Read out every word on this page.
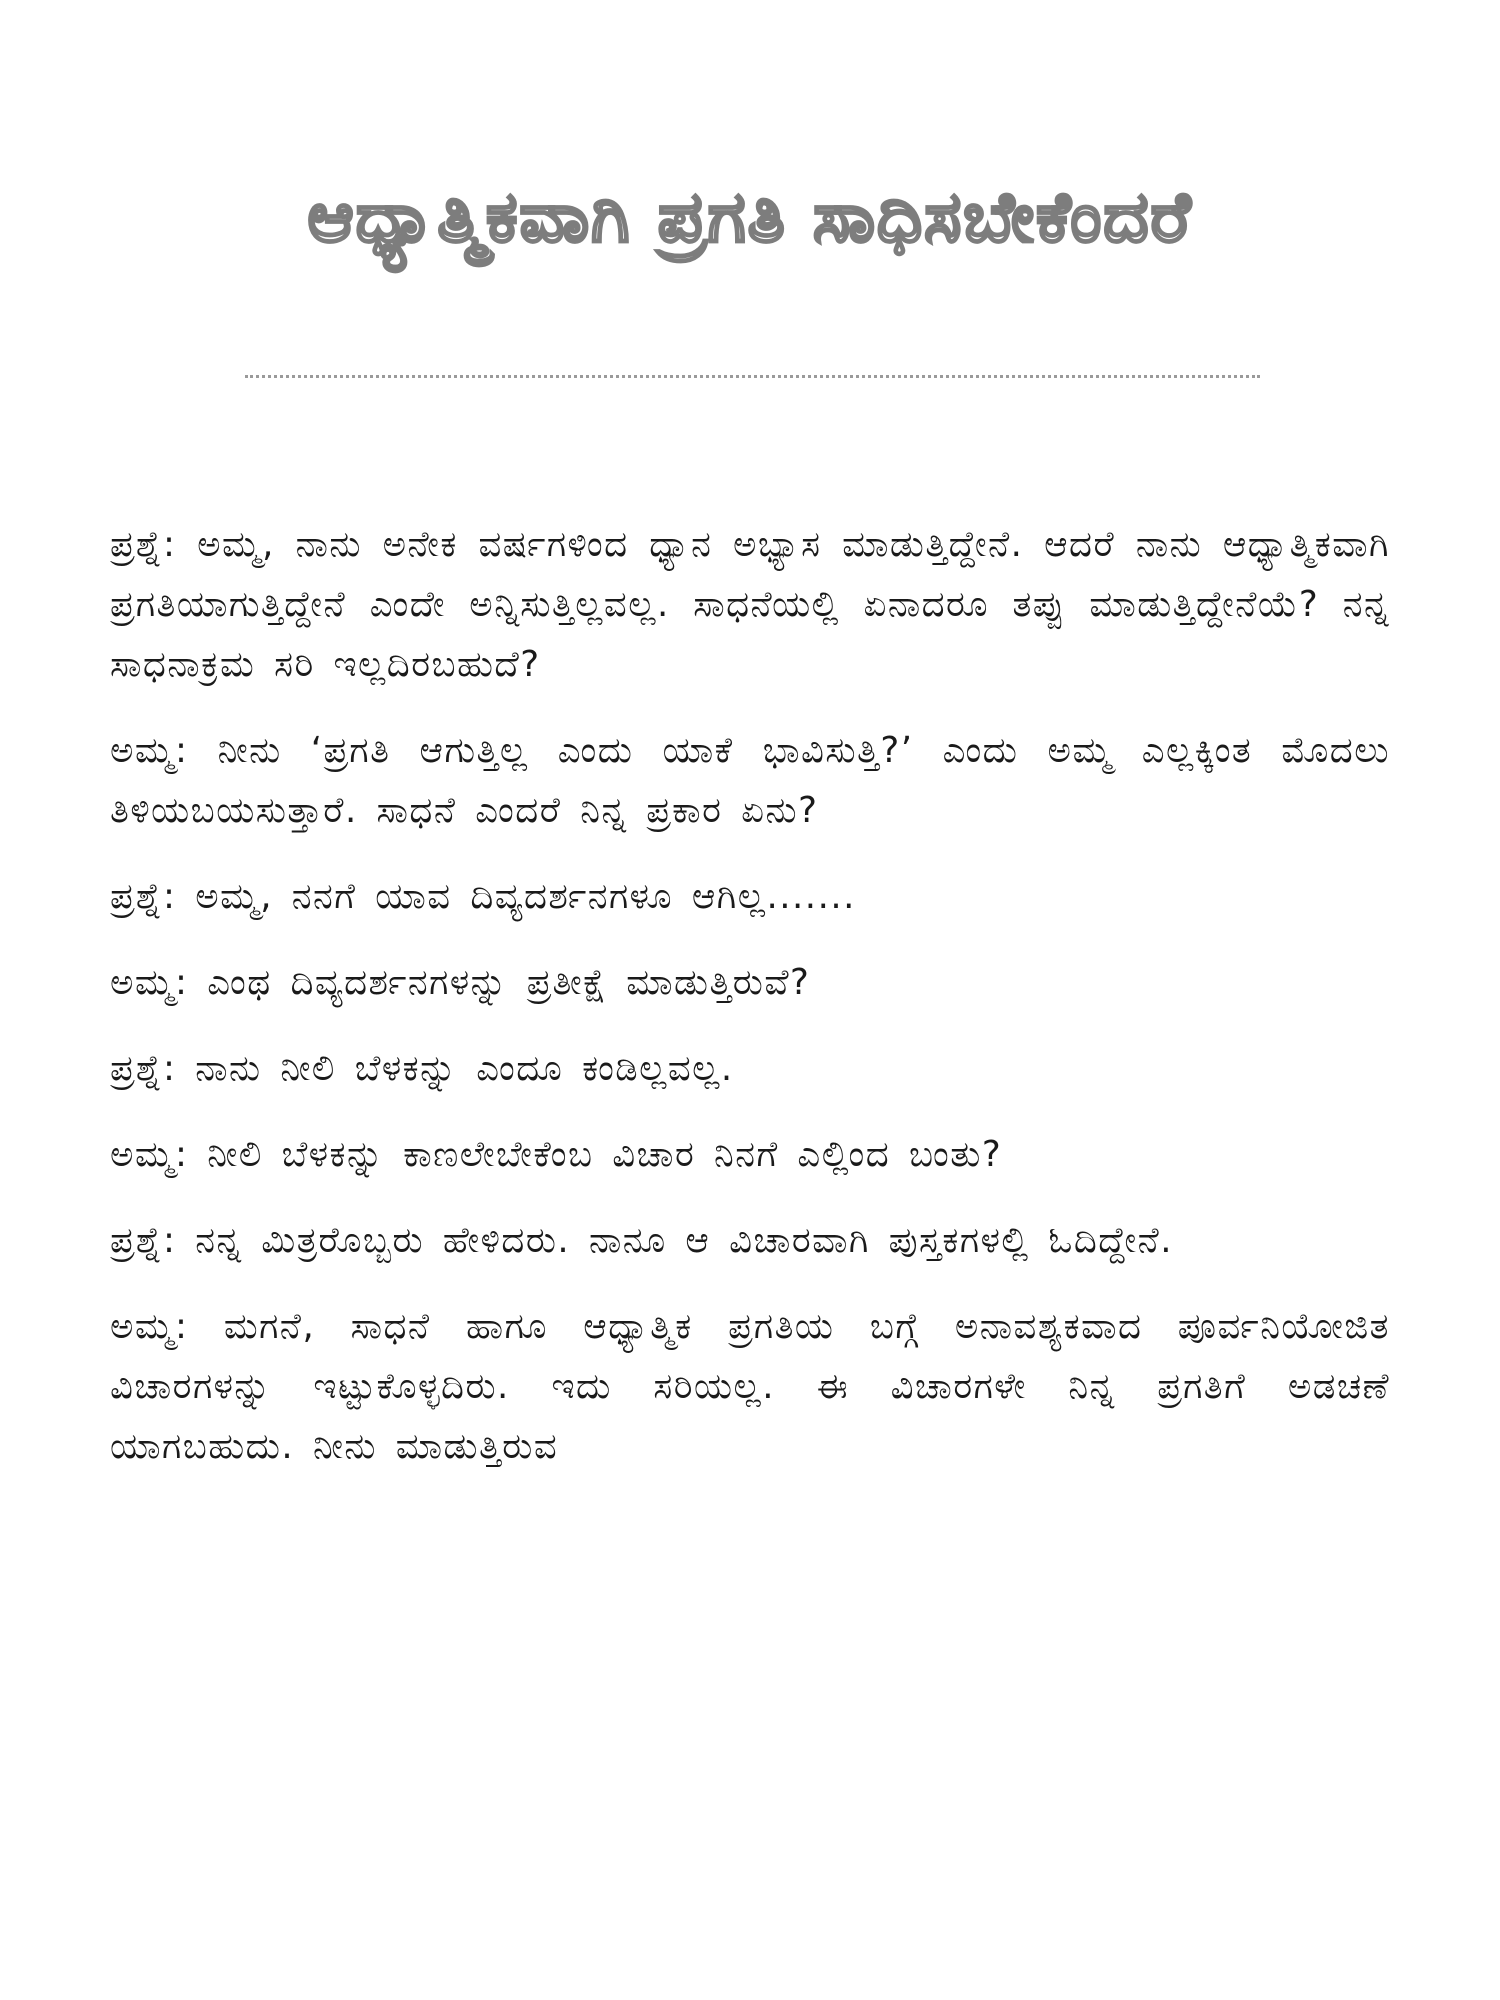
ಆಧ್ಯಾತ್ಮಿಕವಾಗಿ ಪ್ರಗತಿ ಸಾಧಿಸಬೇಕೆಂದರೆ

ಪ್ರಶ್ನೆ: ಅಮ್ಮ, ನಾನು ಅನೇಕ ವರ್ಷಗಳಿಂದ ಧ್ಯಾನ ಅಭ್ಯಾಸ ಮಾಡುತ್ತಿದ್ದೇನೆ. ಆದರೆ ನಾನು ಆಧ್ಯಾತ್ಮಿಕವಾಗಿ ಪ್ರಗತಿಯಾಗುತ್ತಿದ್ದೇನೆ ಎಂದೇ ಅನ್ನಿಸುತ್ತಿಲ್ಲವಲ್ಲ. ಸಾಧನೆಯಲ್ಲಿ ಏನಾದರೂ ತಪ್ಪು ಮಾಡುತ್ತಿದ್ದೇನೆಯೆ? ನನ್ನ ಸಾಧನಾಕ್ರಮ ಸರಿ ಇಲ್ಲದಿರಬಹುದೆ?

ಅಮ್ಮ: ನೀನು ‘ಪ್ರಗತಿ ಆಗುತ್ತಿಲ್ಲ ಎಂದು ಯಾಕೆ ಭಾವಿಸುತ್ತಿ?’ ಎಂದು ಅಮ್ಮ ಎಲ್ಲಕ್ಕಿಂತ ಮೊದಲು ತಿಳಿಯಬಯಸುತ್ತಾರೆ. ಸಾಧನೆ ಎಂದರೆ ನಿನ್ನ ಪ್ರಕಾರ ಏನು?

ಪ್ರಶ್ನೆ: ಅಮ್ಮ, ನನಗೆ ಯಾವ ದಿವ್ಯದರ್ಶನಗಳೂ ಆಗಿಲ್ಲ.......

ಅಮ್ಮ: ಎಂಥ ದಿವ್ಯದರ್ಶನಗಳನ್ನು ಪ್ರತೀಕ್ಷೆ ಮಾಡುತ್ತಿರುವೆ?

ಪ್ರಶ್ನೆ: ನಾನು ನೀಲಿ ಬೆಳಕನ್ನು ಎಂದೂ ಕಂಡಿಲ್ಲವಲ್ಲ.

ಅಮ್ಮ: ನೀಲಿ ಬೆಳಕನ್ನು ಕಾಣಲೇಬೇಕೆಂಬ ವಿಚಾರ ನಿನಗೆ ಎಲ್ಲಿಂದ ಬಂತು?

ಪ್ರಶ್ನೆ: ನನ್ನ ಮಿತ್ರರೊಬ್ಬರು ಹೇಳಿದರು. ನಾನೂ ಆ ವಿಚಾರವಾಗಿ ಪುಸ್ತಕಗಳಲ್ಲಿ ಓದಿದ್ದೇನೆ.

ಅಮ್ಮ: ಮಗನೆ, ಸಾಧನೆ ಹಾಗೂ ಆಧ್ಯಾತ್ಮಿಕ ಪ್ರಗತಿಯ ಬಗ್ಗೆ ಅನಾವಶ್ಯಕವಾದ ಪೂರ್ವನಿಯೋಜಿತ ವಿಚಾರಗಳನ್ನು ಇಟ್ಟುಕೊಳ್ಳದಿರು. ಇದು ಸರಿಯಲ್ಲ. ಈ ವಿಚಾರಗಳೇ ನಿನ್ನ ಪ್ರಗತಿಗೆ ಅಡಚಣೆ ಯಾಗಬಹುದು. ನೀನು ಮಾಡುತ್ತಿರುವ
